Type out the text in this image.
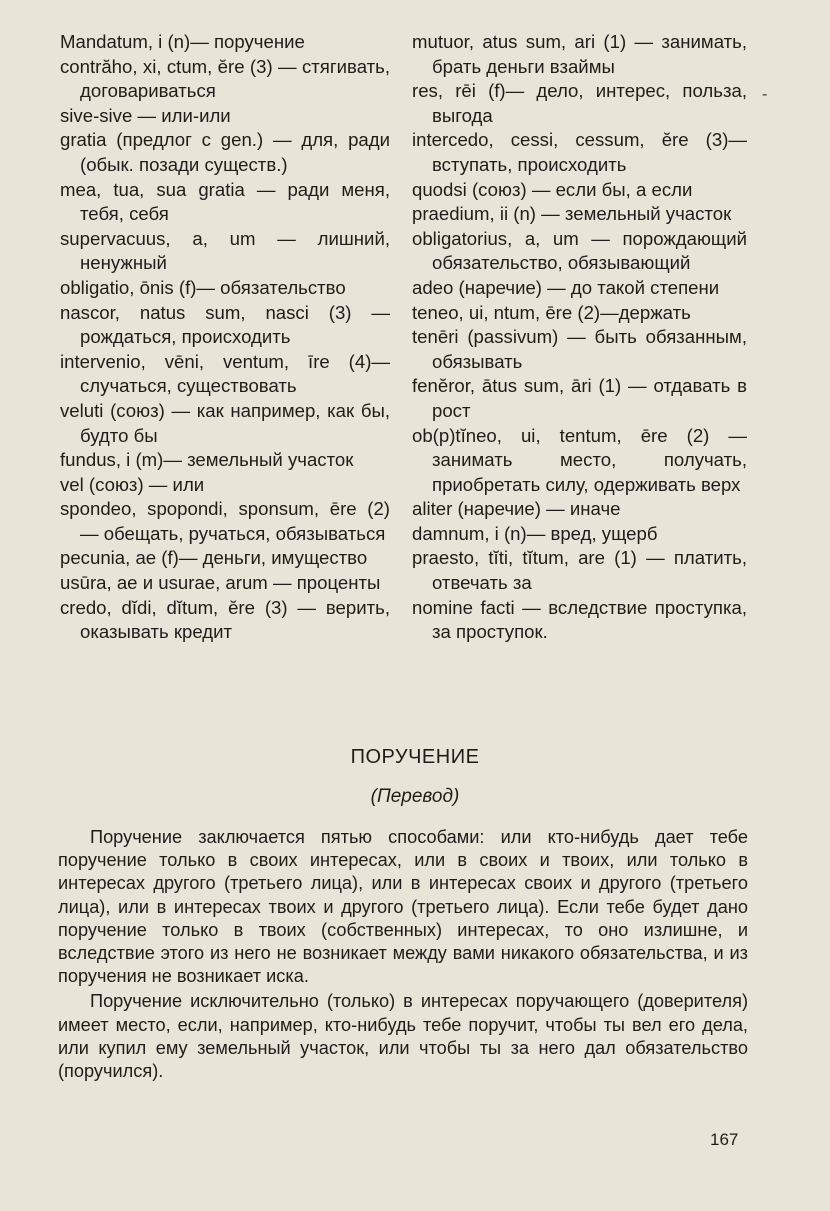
Mandatum, i (n)— поручение
contrăho, xi, ctum, ĕre (3) — стягивать, договариваться
sive-sive — или-или
gratia (предлог с gen.) — для, ради (обык. позади существ.)
mea, tua, sua gratia — ради меня, тебя, себя
supervacuus, a, um — лишний, ненужный
obligatio, ōnis (f)— обязательство
nascor, natus sum, nasci (3) — рождаться, происходить
intervenio, vēni, ventum, īre (4)— случаться, существовать
veluti (союз) — как например, как бы, будто бы
fundus, i (m)— земельный участок
vel (союз) — или
spondeo, spopondi, sponsum, ēre (2) — обещать, ручаться, обязываться
pecunia, ae (f)— деньги, имущество
usūra, ae и usurae, arum — проценты
credo, dĭdi, dĭtum, ĕre (3) — верить, оказывать кредит
mutuor, atus sum, ari (1) — занимать, брать деньги взаймы
res, rēi (f)— дело, интерес, польза, выгода
intercedo, cessi, cessum, ĕre (3)— вступать, происходить
quodsi (союз) — если бы, а если
praedium, ii (n) — земельный участок
obligatorius, a, um — порождающий обязательство, обязывающий
adeo (наречие) — до такой степени
teneo, ui, ntum, ēre (2)—держать
tenēri (passivum) — быть обязанным, обязывать
fenĕror, ātus sum, āri (1) — отдавать в рост
ob(p)tĭneo, ui, tentum, ēre (2) — занимать место, получать, приобретать силу, одерживать верх
aliter (наречие) — иначе
damnum, i (n)— вред, ущерб
praesto, tĭti, tĭtum, are (1) — платить, отвечать за
nomine facti — вследствие проступка, за проступок.
-
ПОРУЧЕНИЕ
(Перевод)

Поручение заключается пятью способами: или кто-нибудь дает тебе поручение только в своих интересах, или в своих и твоих, или только в интересах другого (третьего лица), или в интересах своих и другого (третьего лица), или в интересах твоих и другого (третьего лица). Если тебе будет дано поручение только в твоих (собственных) интересах, то оно излишне, и вследствие этого из него не возникает между вами никакого обязательства, и из поручения не возникает иска.

Поручение исключительно (только) в интересах поручающего (доверителя) имеет место, если, например, кто-нибудь тебе поручит, чтобы ты вел его дела, или купил ему земельный участок, или чтобы ты за него дал обязательство (поручился).

167
